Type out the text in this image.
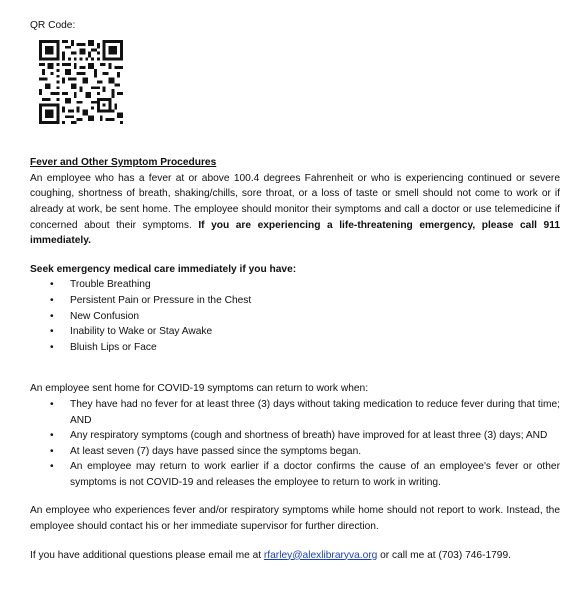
QR Code:

Fever and Other Symptom Procedures

An employee who has a fever at or above 100.4 degrees Fahrenheit or who is experiencing continued or severe coughing, shortness of breath, shaking/chills, sore throat, or a loss of taste or smell should not come to work or if already at work, be sent home. The employee should monitor their symptoms and call a doctor or use telemedicine if concerned about their symptoms. If you are experiencing a life-threatening emergency, please call 911 immediately.

Seek emergency medical care immediately if you have:

• Trouble Breathing
• Persistent Pain or Pressure in the Chest
• New Confusion
• Inability to Wake or Stay Awake
• Bluish Lips or Face

An employee sent home for COVID-19 symptoms can return to work when:

• They have had no fever for at least three (3) days without taking medication to reduce fever during that time; AND
• Any respiratory symptoms (cough and shortness of breath) have improved for at least three (3) days; AND
• At least seven (7) days have passed since the symptoms began.
• An employee may return to work earlier if a doctor confirms the cause of an employee's fever or other symptoms is not COVID-19 and releases the employee to return to work in writing.

An employee who experiences fever and/or respiratory symptoms while home should not report to work. Instead, the employee should contact his or her immediate supervisor for further direction.

If you have additional questions please email me at rfarley@alexlibraryva.org or call me at (703) 746-1799.
